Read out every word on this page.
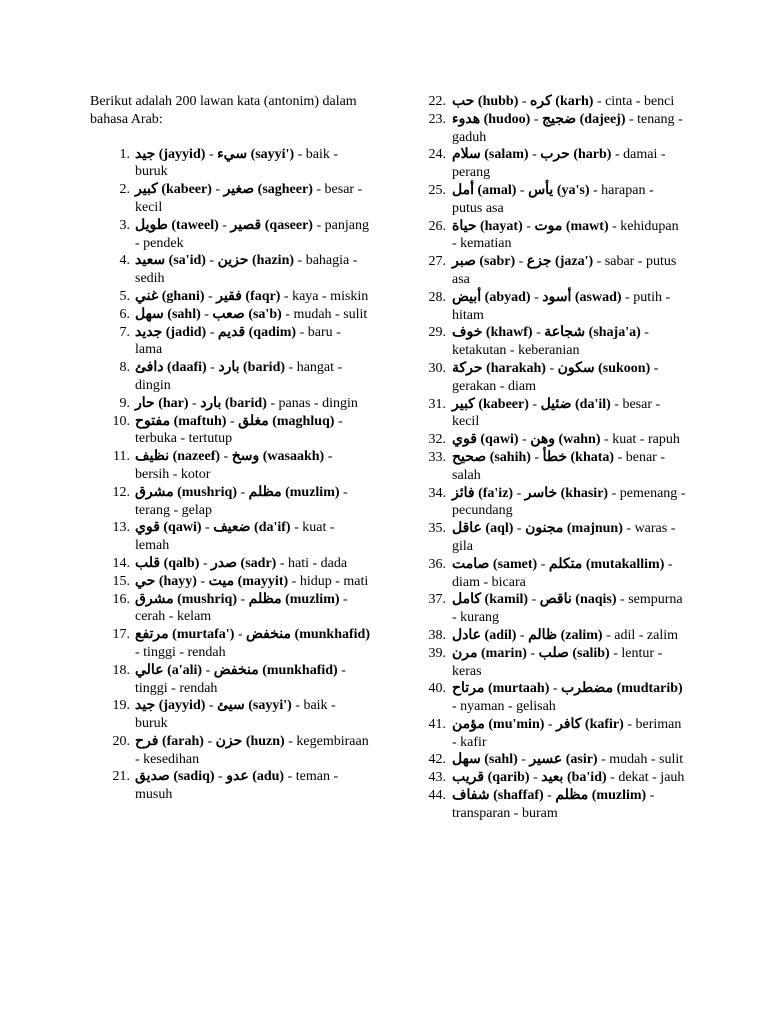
Berikut adalah 200 lawan kata (antonim) dalam bahasa Arab:

1. جيد (jayyid) - سيء (sayyi') - baik - buruk
2. كبير (kabeer) - صغير (sagheer) - besar - kecil
3. طويل (taweel) - قصير (qaseer) - panjang - pendek
4. سعيد (sa'id) - حزين (hazin) - bahagia - sedih
5. غني (ghani) - فقير (faqr) - kaya - miskin
6. سهل (sahl) - صعب (sa'b) - mudah - sulit
7. جديد (jadid) - قديم (qadim) - baru - lama
8. دافئ (daafi) - بارد (barid) - hangat - dingin
9. حار (har) - بارد (barid) - panas - dingin
10. مفتوح (maftuh) - مغلق (maghluq) - terbuka - tertutup
11. نظيف (nazeef) - وسخ (wasaakh) - bersih - kotor
12. مشرق (mushriq) - مظلم (muzlim) - terang - gelap
13. قوي (qawi) - ضعيف (da'if) - kuat - lemah
14. قلب (qalb) - صدر (sadr) - hati - dada
15. حي (hayy) - ميت (mayyit) - hidup - mati
16. مشرق (mushriq) - مظلم (muzlim) - cerah - kelam
17. مرتفع (murtafa') - منخفض (munkhafid) - tinggi - rendah
18. عالي (a'ali) - منخفض (munkhafid) - tinggi - rendah
19. جيد (jayyid) - سيئ (sayyi') - baik - buruk
20. فرح (farah) - حزن (huzn) - kegembiraan - kesedihan
21. صديق (sadiq) - عدو (adu) - teman - musuh
22. حب (hubb) - كره (karh) - cinta - benci
23. هدوء (hudoo) - ضجيج (dajeej) - tenang - gaduh
24. سلام (salam) - حرب (harb) - damai - perang
25. أمل (amal) - يأس (ya's) - harapan - putus asa
26. حياة (hayat) - موت (mawt) - kehidupan - kematian
27. صبر (sabr) - جزع (jaza') - sabar - putus asa
28. أبيض (abyad) - أسود (aswad) - putih - hitam
29. خوف (khawf) - شجاعة (shaja'a) - ketakutan - keberanian
30. حركة (harakah) - سكون (sukoon) - gerakan - diam
31. كبير (kabeer) - ضئيل (da'il) - besar - kecil
32. قوي (qawi) - وهن (wahn) - kuat - rapuh
33. صحيح (sahih) - خطأ (khata) - benar - salah
34. فائز (fa'iz) - خاسر (khasir) - pemenang - pecundang
35. عاقل (aql) - مجنون (majnun) - waras - gila
36. صامت (samet) - متكلم (mutakallim) - diam - bicara
37. كامل (kamil) - ناقص (naqis) - sempurna - kurang
38. عادل (adil) - ظالم (zalim) - adil - zalim
39. مرن (marin) - صلب (salib) - lentur - keras
40. مرتاح (murtaah) - مضطرب (mudtarib) - nyaman - gelisah
41. مؤمن (mu'min) - كافر (kafir) - beriman - kafir
42. سهل (sahl) - عسير (asir) - mudah - sulit
43. قريب (qarib) - بعيد (ba'id) - dekat - jauh
44. شفاف (shaffaf) - مظلم (muzlim) - transparan - buram
